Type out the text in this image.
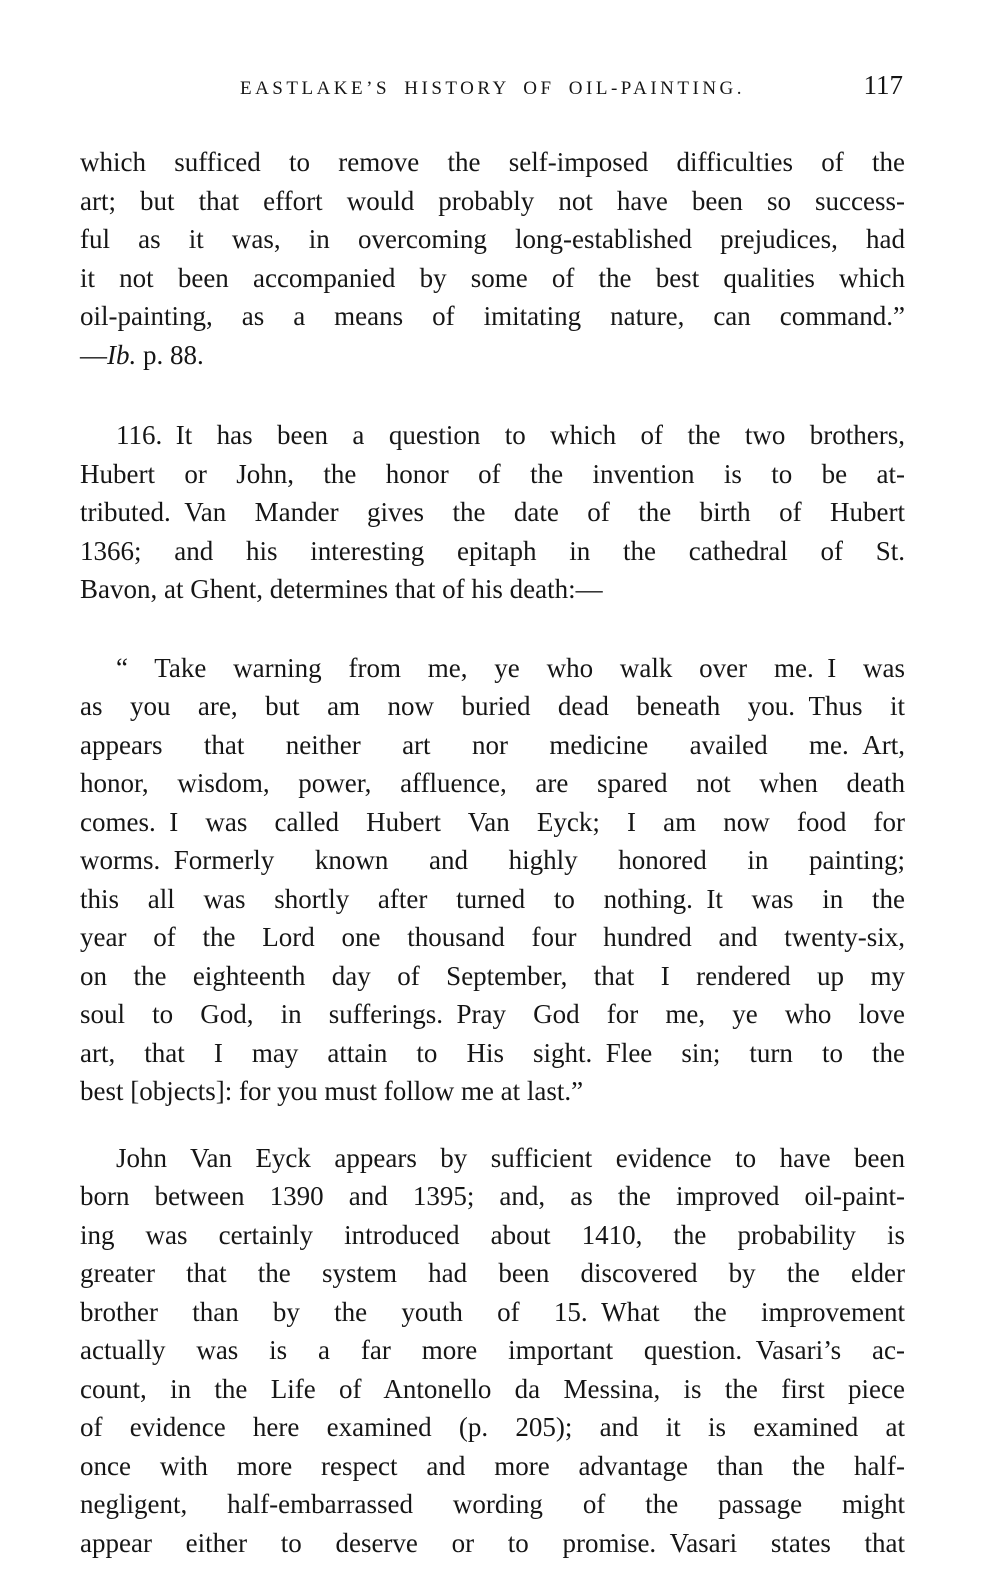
EASTLAKE’S HISTORY OF OIL-PAINTING.	117
which sufficed to remove the self-imposed difficulties of the
art; but that effort would probably not have been so success-
ful as it was, in overcoming long-established prejudices, had
it not been accompanied by some of the best qualities which
oil-painting, as a means of imitating nature, can command.”
—Ib. p. 88.
116. It has been a question to which of the two brothers,
Hubert or John, the honor of the invention is to be at-
tributed. Van Mander gives the date of the birth of Hubert
1366; and his interesting epitaph in the cathedral of St.
Bavon, at Ghent, determines that of his death:—
“ Take warning from me, ye who walk over me. I was
as you are, but am now buried dead beneath you. Thus it
appears that neither art nor medicine availed me. Art,
honor, wisdom, power, affluence, are spared not when death
comes. I was called Hubert Van Eyck; I am now food for
worms. Formerly known and highly honored in painting;
this all was shortly after turned to nothing. It was in the
year of the Lord one thousand four hundred and twenty-six,
on the eighteenth day of September, that I rendered up my
soul to God, in sufferings. Pray God for me, ye who love
art, that I may attain to His sight. Flee sin; turn to the
best [objects]: for you must follow me at last.”
John Van Eyck appears by sufficient evidence to have been
born between 1390 and 1395; and, as the improved oil-paint-
ing was certainly introduced about 1410, the probability is
greater that the system had been discovered by the elder
brother than by the youth of 15. What the improvement
actually was is a far more important question. Vasari’s ac-
count, in the Life of Antonello da Messina, is the first piece
of evidence here examined (p. 205); and it is examined at
once with more respect and more advantage than the half-
negligent, half-embarrassed wording of the passage might
appear either to deserve or to promise. Vasari states that
